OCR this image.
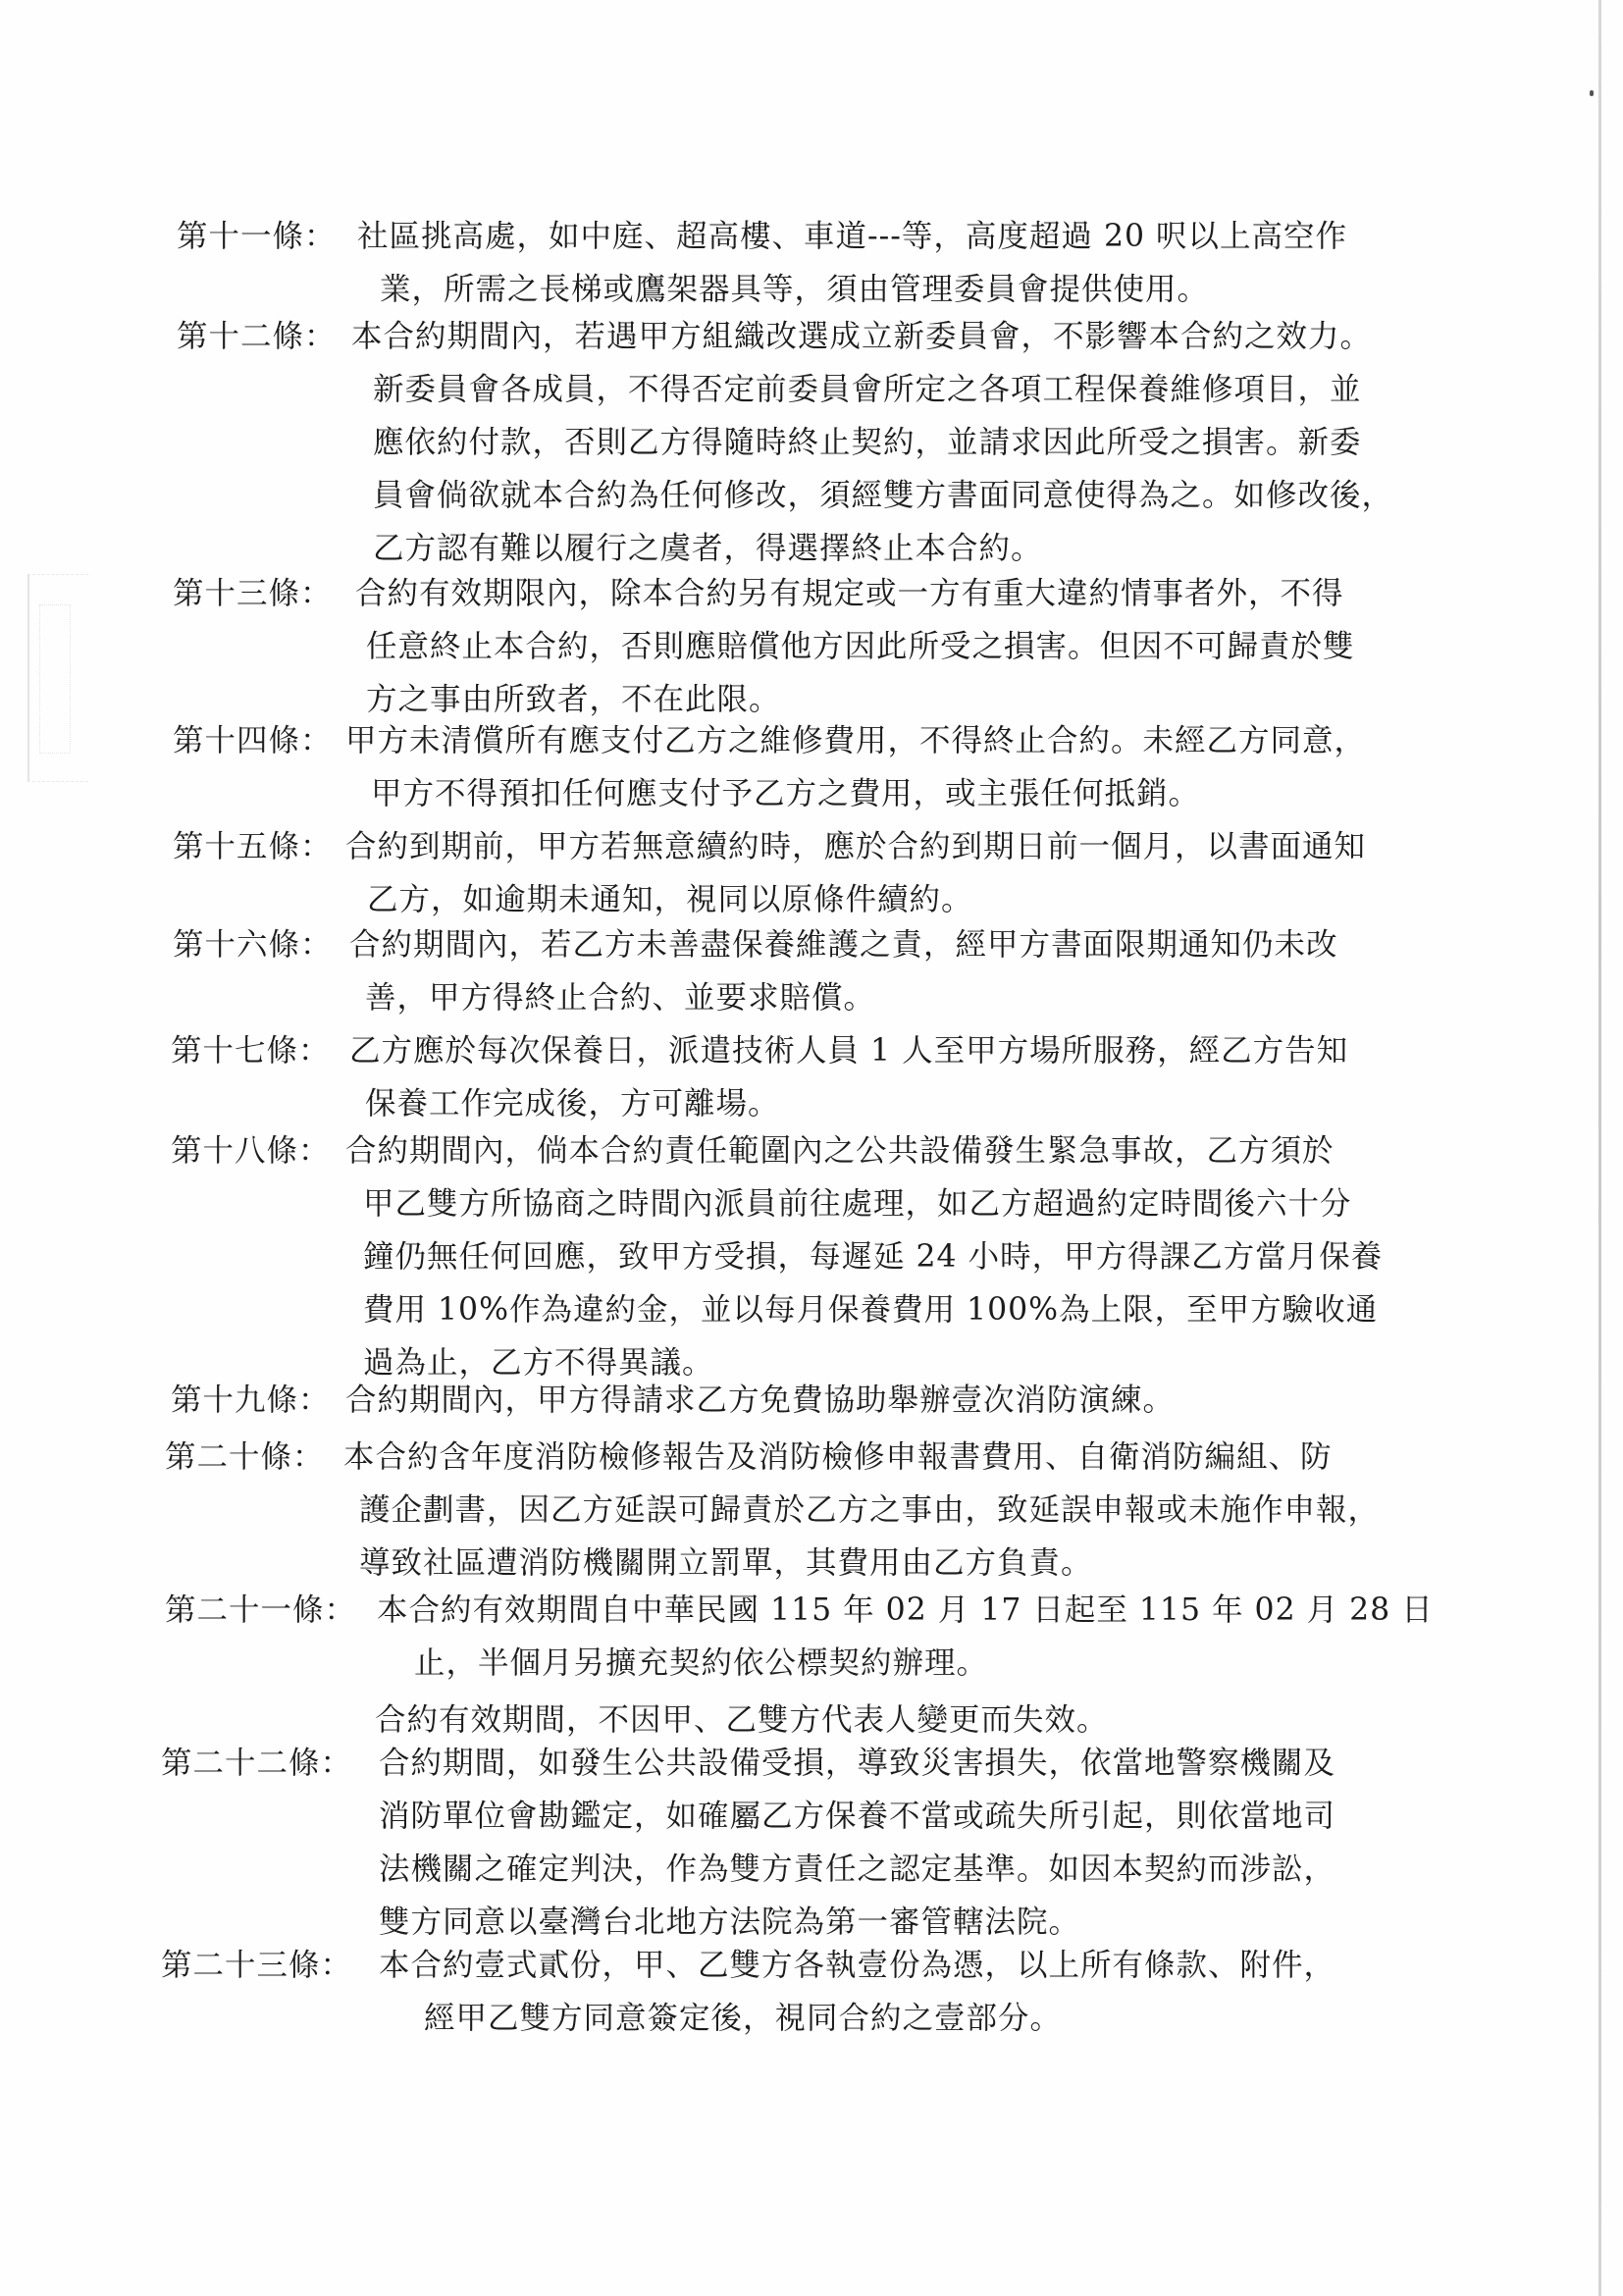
第十一條： 社區挑高處，如中庭、超高樓、車道---等，高度超過 20 呎以上高空作
業，所需之長梯或鷹架器具等，須由管理委員會提供使用。
第十二條： 本合約期間內，若遇甲方組織改選成立新委員會，不影響本合約之效力。
新委員會各成員，不得否定前委員會所定之各項工程保養維修項目，並
應依約付款，否則乙方得隨時終止契約，並請求因此所受之損害。新委
員會倘欲就本合約為任何修改，須經雙方書面同意使得為之。如修改後，
乙方認有難以履行之虞者，得選擇終止本合約。
第十三條： 合約有效期限內，除本合約另有規定或一方有重大違約情事者外，不得
任意終止本合約，否則應賠償他方因此所受之損害。但因不可歸責於雙
方之事由所致者，不在此限。
第十四條： 甲方未清償所有應支付乙方之維修費用，不得終止合約。未經乙方同意，
甲方不得預扣任何應支付予乙方之費用，或主張任何抵銷。
第十五條： 合約到期前，甲方若無意續約時，應於合約到期日前一個月，以書面通知
乙方，如逾期未通知，視同以原條件續約。
第十六條： 合約期間內，若乙方未善盡保養維護之責，經甲方書面限期通知仍未改
善，甲方得終止合約、並要求賠償。
第十七條： 乙方應於每次保養日，派遣技術人員 1 人至甲方場所服務，經乙方告知
保養工作完成後，方可離場。
第十八條： 合約期間內，倘本合約責任範圍內之公共設備發生緊急事故，乙方須於
甲乙雙方所協商之時間內派員前往處理，如乙方超過約定時間後六十分
鐘仍無任何回應，致甲方受損，每遲延 24 小時，甲方得課乙方當月保養
費用 10%作為違約金，並以每月保養費用 100%為上限，至甲方驗收通
過為止，乙方不得異議。
第十九條： 合約期間內，甲方得請求乙方免費協助舉辦壹次消防演練。
第二十條： 本合約含年度消防檢修報告及消防檢修申報書費用、自衛消防編組、防
護企劃書，因乙方延誤可歸責於乙方之事由，致延誤申報或未施作申報，
導致社區遭消防機關開立罰單，其費用由乙方負責。
第二十一條： 本合約有效期間自中華民國 115 年 02 月 17 日起至 115 年 02 月 28 日
止，半個月另擴充契約依公標契約辦理。
合約有效期間，不因甲、乙雙方代表人變更而失效。
第二十二條： 合約期間，如發生公共設備受損，導致災害損失，依當地警察機關及
消防單位會勘鑑定，如確屬乙方保養不當或疏失所引起，則依當地司
法機關之確定判決，作為雙方責任之認定基準。如因本契約而涉訟，
雙方同意以臺灣台北地方法院為第一審管轄法院。
第二十三條： 本合約壹式貳份，甲、乙雙方各執壹份為憑，以上所有條款、附件，
經甲乙雙方同意簽定後，視同合約之壹部分。
